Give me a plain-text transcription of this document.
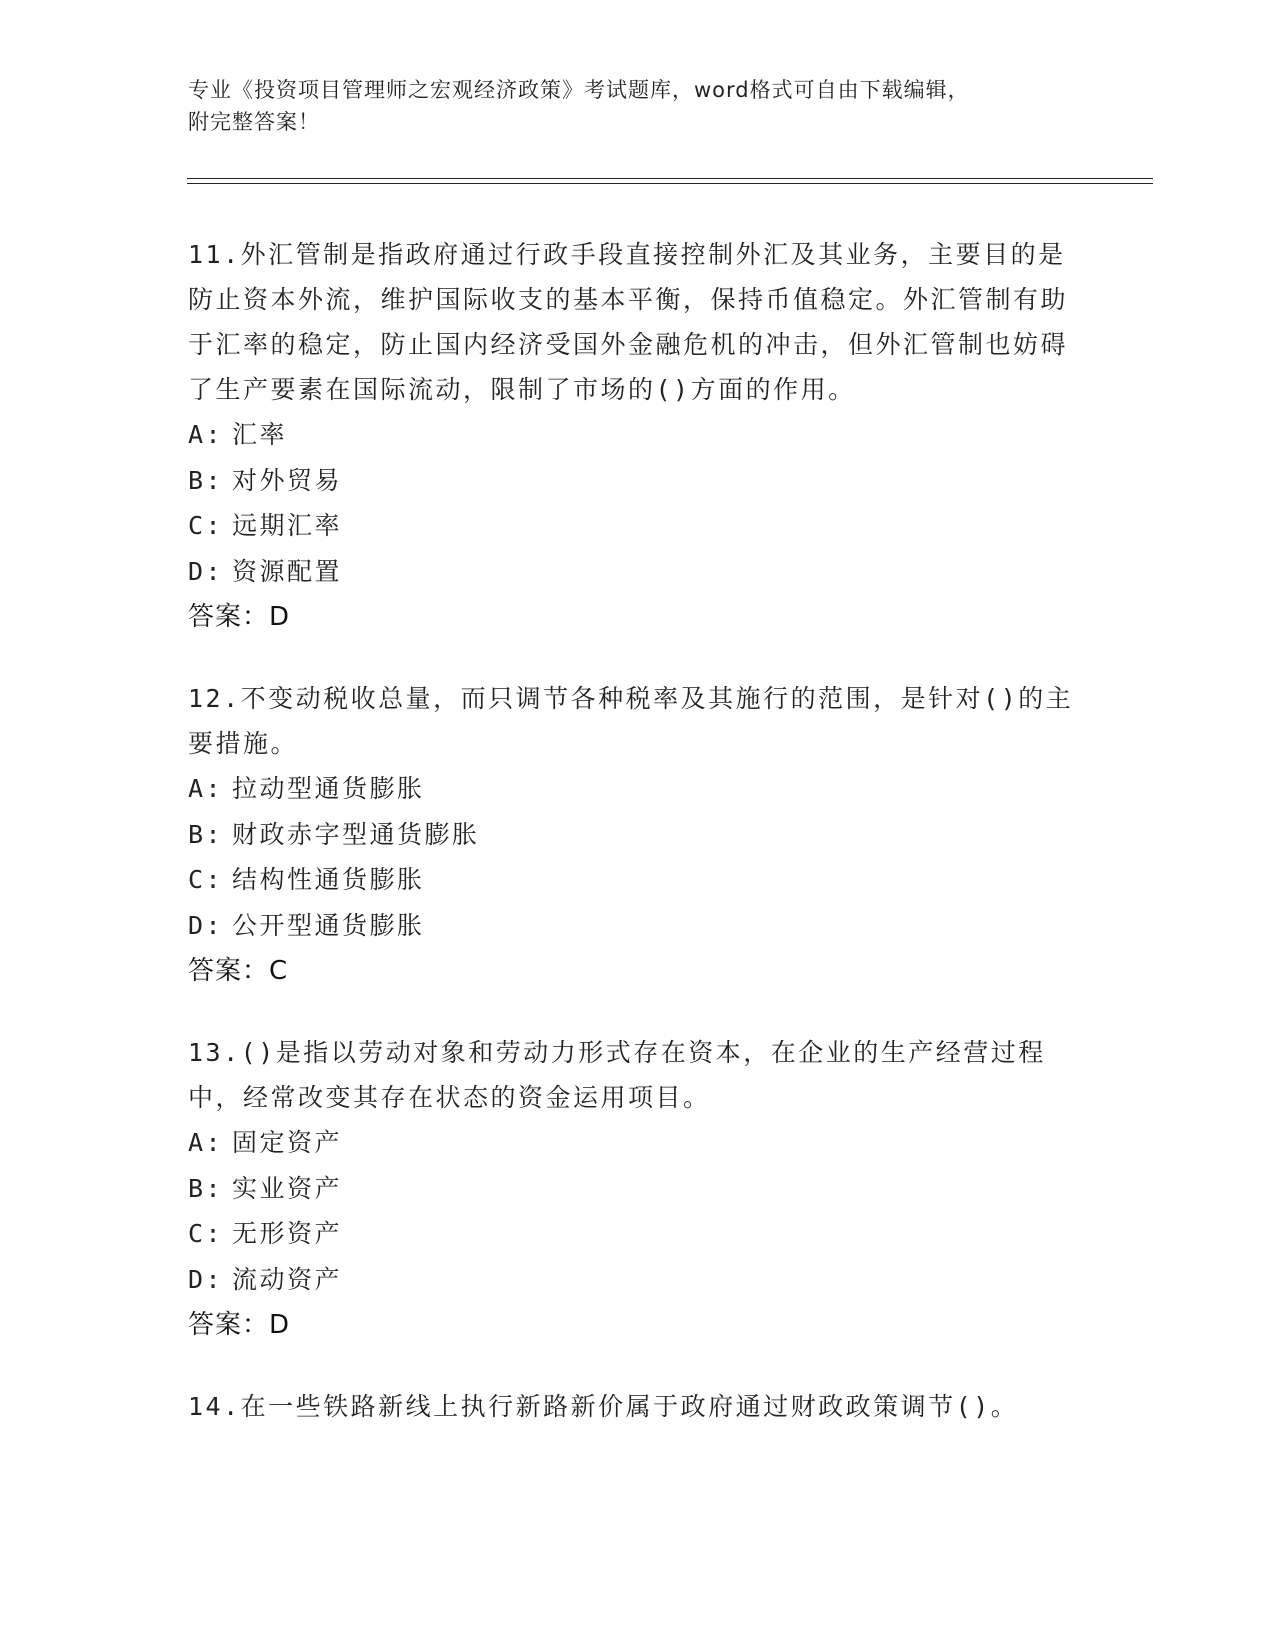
专业《投资项目管理师之宏观经济政策》考试题库，word格式可自由下载编辑，
附完整答案！

11.外汇管制是指政府通过行政手段直接控制外汇及其业务，主要目的是防止资本外流，维护国际收支的基本平衡，保持币值稳定。外汇管制有助于汇率的稳定，防止国内经济受国外金融危机的冲击，但外汇管制也妨碍了生产要素在国际流动，限制了市场的()方面的作用。

A: 汇率
B: 对外贸易
C: 远期汇率
D: 资源配置

答案：D

12.不变动税收总量，而只调节各种税率及其施行的范围，是针对()的主要措施。

A: 拉动型通货膨胀
B: 财政赤字型通货膨胀
C: 结构性通货膨胀
D: 公开型通货膨胀

答案：C

13.()是指以劳动对象和劳动力形式存在资本，在企业的生产经营过程中，经常改变其存在状态的资金运用项目。

A: 固定资产
B: 实业资产
C: 无形资产
D: 流动资产

答案：D

14.在一些铁路新线上执行新路新价属于政府通过财政政策调节()。
